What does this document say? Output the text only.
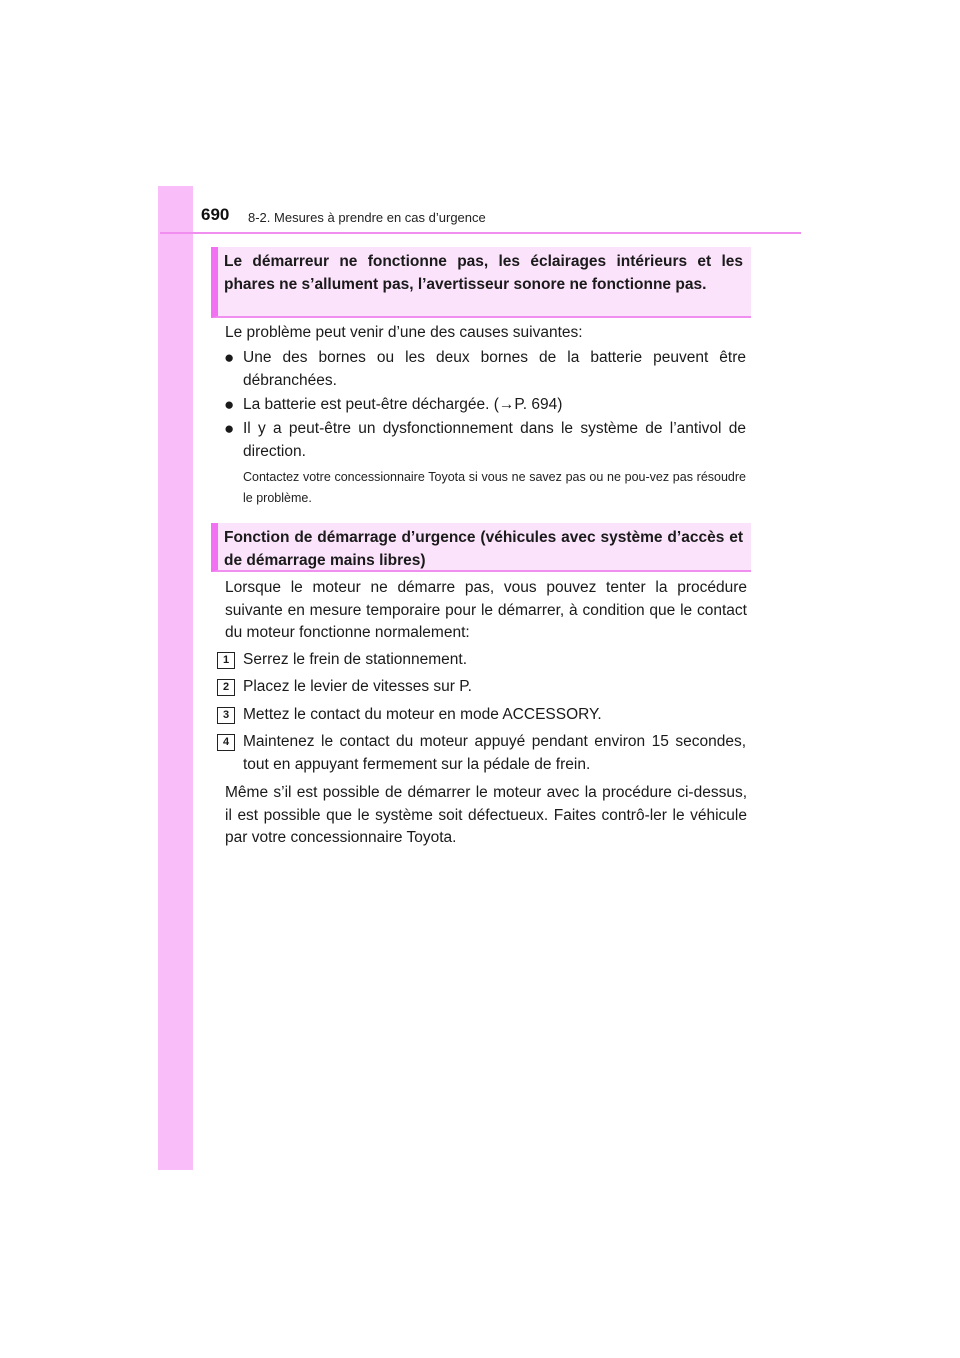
690 8-2. Mesures à prendre en cas d’urgence
Le démarreur ne fonctionne pas, les éclairages intérieurs et les phares ne s’allument pas, l’avertisseur sonore ne fonctionne pas.
Le problème peut venir d’une des causes suivantes:
● Une des bornes ou les deux bornes de la batterie peuvent être débranchées.
● La batterie est peut-être déchargée. (→P. 694)
● Il y a peut-être un dysfonctionnement dans le système de l’antivol de direction.
Contactez votre concessionnaire Toyota si vous ne savez pas ou ne pou-vez pas résoudre le problème.
Fonction de démarrage d’urgence (véhicules avec système d’accès et de démarrage mains libres)
Lorsque le moteur ne démarre pas, vous pouvez tenter la procédure suivante en mesure temporaire pour le démarrer, à condition que le contact du moteur fonctionne normalement:
1 Serrez le frein de stationnement.
2 Placez le levier de vitesses sur P.
3 Mettez le contact du moteur en mode ACCESSORY.
4 Maintenez le contact du moteur appuyé pendant environ 15 secondes, tout en appuyant fermement sur la pédale de frein.
Même s’il est possible de démarrer le moteur avec la procédure ci-dessus, il est possible que le système soit défectueux. Faites contrô-ler le véhicule par votre concessionnaire Toyota.
